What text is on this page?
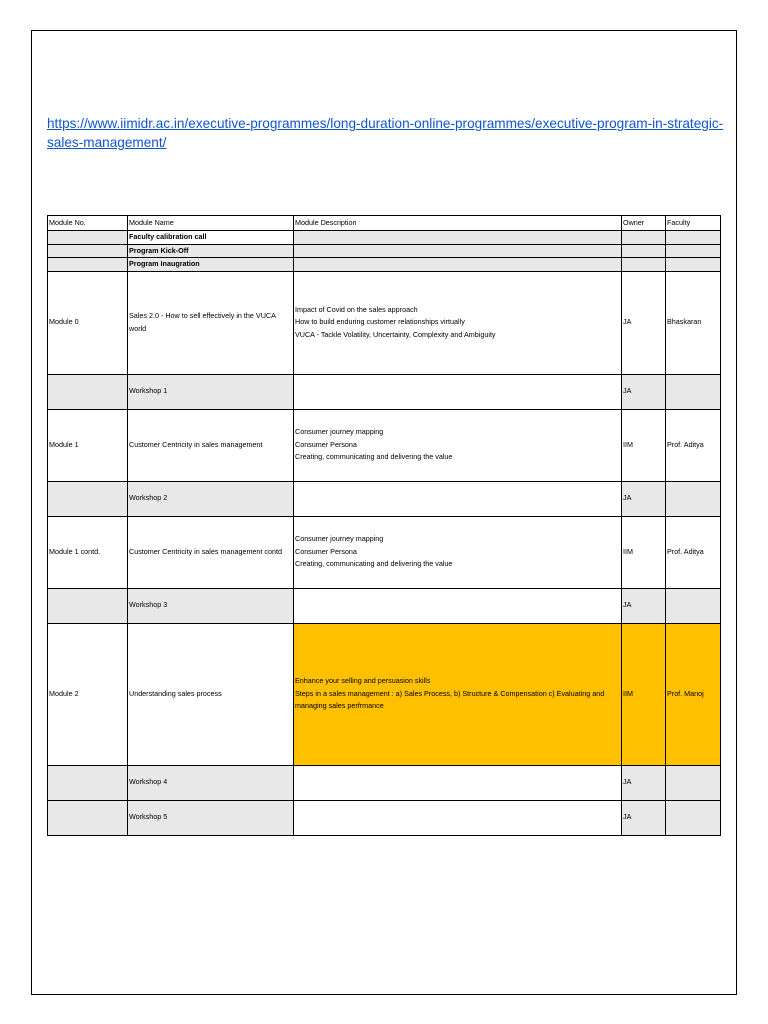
https://www.iimidr.ac.in/executive-programmes/long-duration-online-programmes/executive-program-in-strategic-sales-management/
Module No.	Module Name	Module Description	Owner	Faculty
	Faculty calibration call			
	Program Kick-Off			
	Program Inaugration			
Module 0	Sales 2.0 - How to sell effectively in the VUCA world	Impact of Covid on the sales approach
How to build enduring customer relationships virtually
VUCA - Tackle Volatility, Uncertainty, Complexity and Ambiguity	JA	Bhaskaran
	Workshop 1		JA	
Module 1	Customer Centricity in sales management	Consumer journey mapping
Consumer Persona
Creating, communicating and delivering the value	IIM	Prof. Aditya
	Workshop 2		JA	
Module 1 contd.	Customer Centricity in sales management contd	Consumer journey mapping
Consumer Persona
Creating, communicating and delivering the value	IIM	Prof. Aditya
	Workshop 3		JA	
Module 2	Understanding sales process	Enhance your selling and persuasion skills
Steps in a sales management : a) Sales Process, b) Structure & Compensation c) Evaluating and managing sales perfrmance	IIM	Prof. Manoj
	Workshop 4		JA	
	Workshop 5		JA	
